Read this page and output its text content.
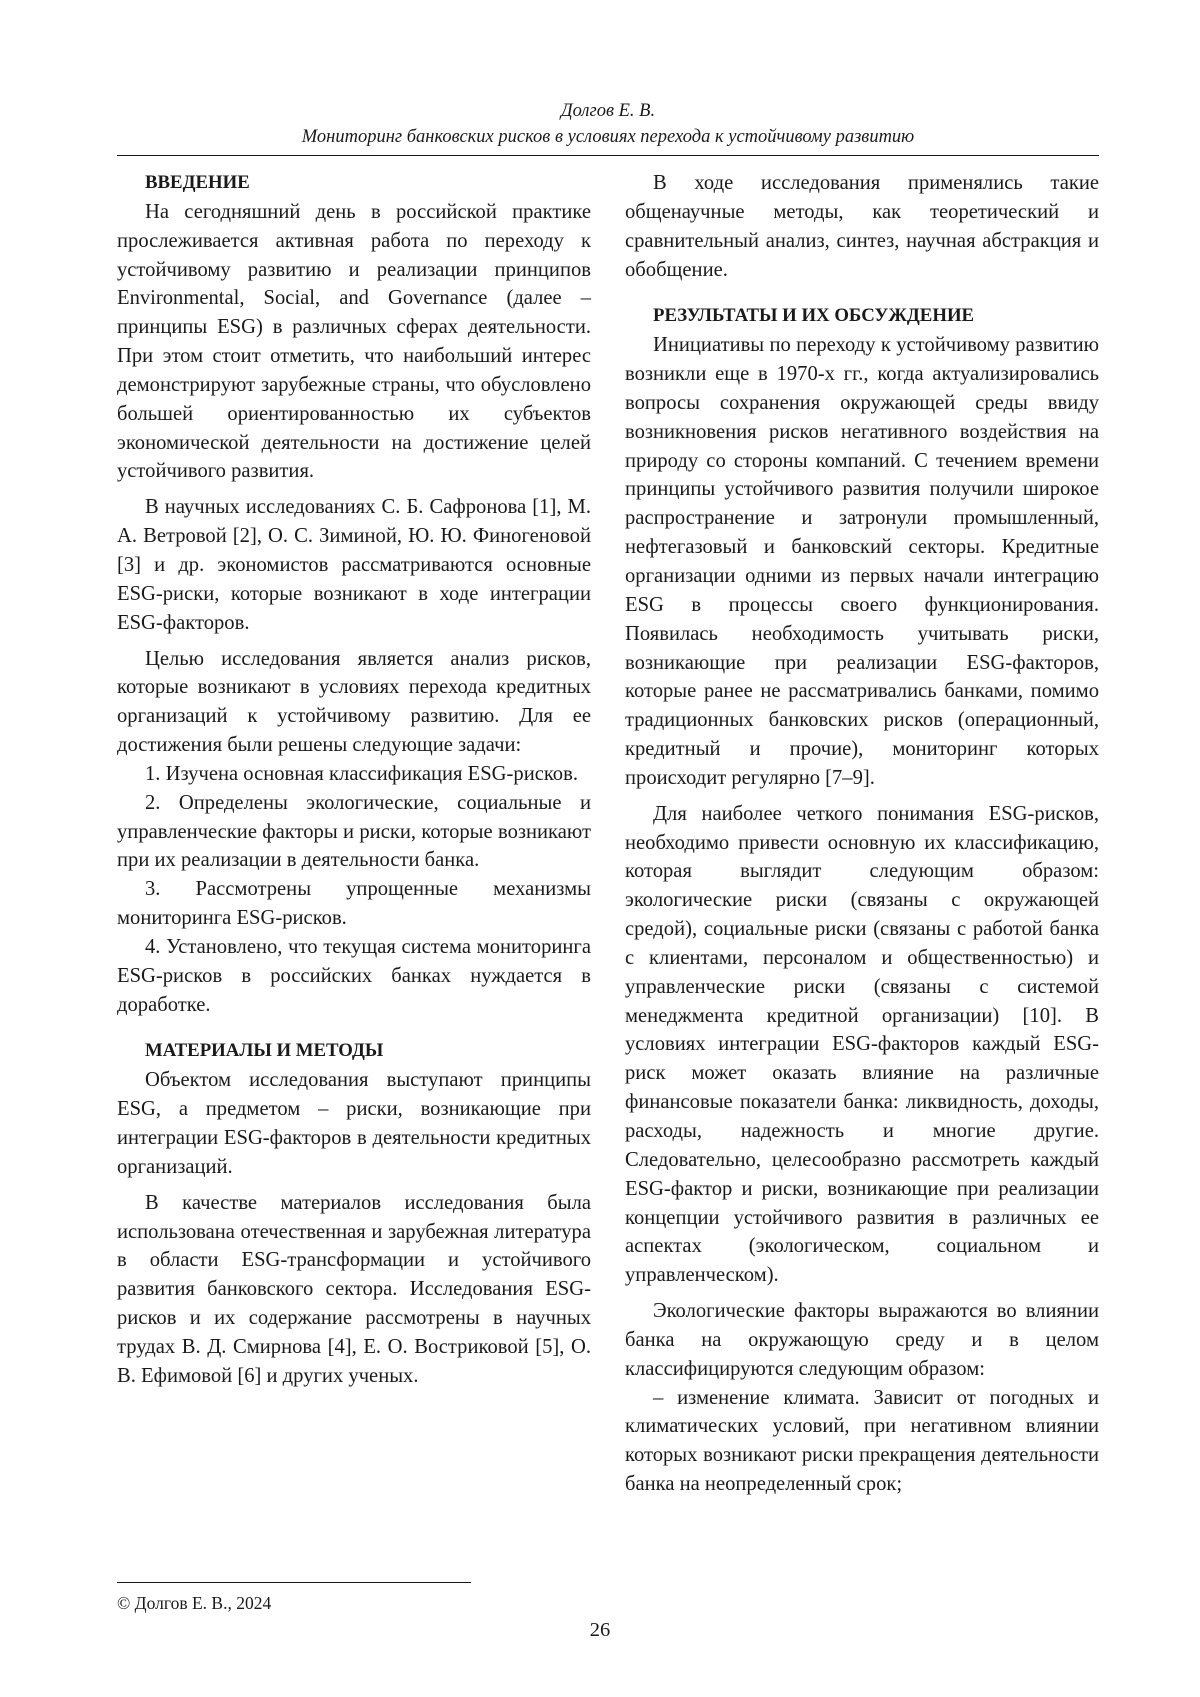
Долгов Е. В.
Мониторинг банковских рисков в условиях перехода к устойчивому развитию
ВВЕДЕНИЕ

На сегодняшний день в российской практике прослеживается активная работа по переходу к устойчивому развитию и реализации принципов Environmental, Social, and Governance (далее – принципы ESG) в различных сферах деятельности. При этом стоит отметить, что наибольший интерес демонстрируют зарубежные страны, что обусловлено большей ориентированностью их субъектов экономической деятельности на достижение целей устойчивого развития.

В научных исследованиях С. Б. Сафронова [1], М. А. Ветровой [2], О. С. Зиминой, Ю. Ю. Финогеновой [3] и др. экономистов рассматриваются основные ESG-риски, которые возникают в ходе интеграции ESG-факторов.

Целью исследования является анализ рисков, которые возникают в условиях перехода кредитных организаций к устойчивому развитию. Для ее достижения были решены следующие задачи:

1. Изучена основная классификация ESG-рисков.

2. Определены экологические, социальные и управленческие факторы и риски, которые возникают при их реализации в деятельности банка.

3. Рассмотрены упрощенные механизмы мониторинга ESG-рисков.

4. Установлено, что текущая система мониторинга ESG-рисков в российских банках нуждается в доработке.

МАТЕРИАЛЫ И МЕТОДЫ

Объектом исследования выступают принципы ESG, а предметом – риски, возникающие при интеграции ESG-факторов в деятельности кредитных организаций.

В качестве материалов исследования была использована отечественная и зарубежная литература в области ESG-трансформации и устойчивого развития банковского сектора. Исследования ESG-рисков и их содержание рассмотрены в научных трудах В. Д. Смирнова [4], Е. О. Востриковой [5], О. В. Ефимовой [6] и других ученых.

В ходе исследования применялись такие общенаучные методы, как теоретический и сравнительный анализ, синтез, научная абстракция и обобщение.

РЕЗУЛЬТАТЫ И ИХ ОБСУЖДЕНИЕ

Инициативы по переходу к устойчивому развитию возникли еще в 1970-х гг., когда актуализировались вопросы сохранения окружающей среды ввиду возникновения рисков негативного воздействия на природу со стороны компаний. С течением времени принципы устойчивого развития получили широкое распространение и затронули промышленный, нефтегазовый и банковский секторы. Кредитные организации одними из первых начали интеграцию ESG в процессы своего функционирования. Появилась необходимость учитывать риски, возникающие при реализации ESG-факторов, которые ранее не рассматривались банками, помимо традиционных банковских рисков (операционный, кредитный и прочие), мониторинг которых происходит регулярно [7–9].

Для наиболее четкого понимания ESG-рисков, необходимо привести основную их классификацию, которая выглядит следующим образом: экологические риски (связаны с окружающей средой), социальные риски (связаны с работой банка с клиентами, персоналом и общественностью) и управленческие риски (связаны с системой менеджмента кредитной организации) [10]. В условиях интеграции ESG-факторов каждый ESG-риск может оказать влияние на различные финансовые показатели банка: ликвидность, доходы, расходы, надежность и многие другие. Следовательно, целесообразно рассмотреть каждый ESG-фактор и риски, возникающие при реализации концепции устойчивого развития в различных ее аспектах (экологическом, социальном и управленческом).

Экологические факторы выражаются во влиянии банка на окружающую среду и в целом классифицируются следующим образом:

– изменение климата. Зависит от погодных и климатических условий, при негативном влиянии которых возникают риски прекращения деятельности банка на неопределенный срок;

© Долгов Е. В., 2024
26
